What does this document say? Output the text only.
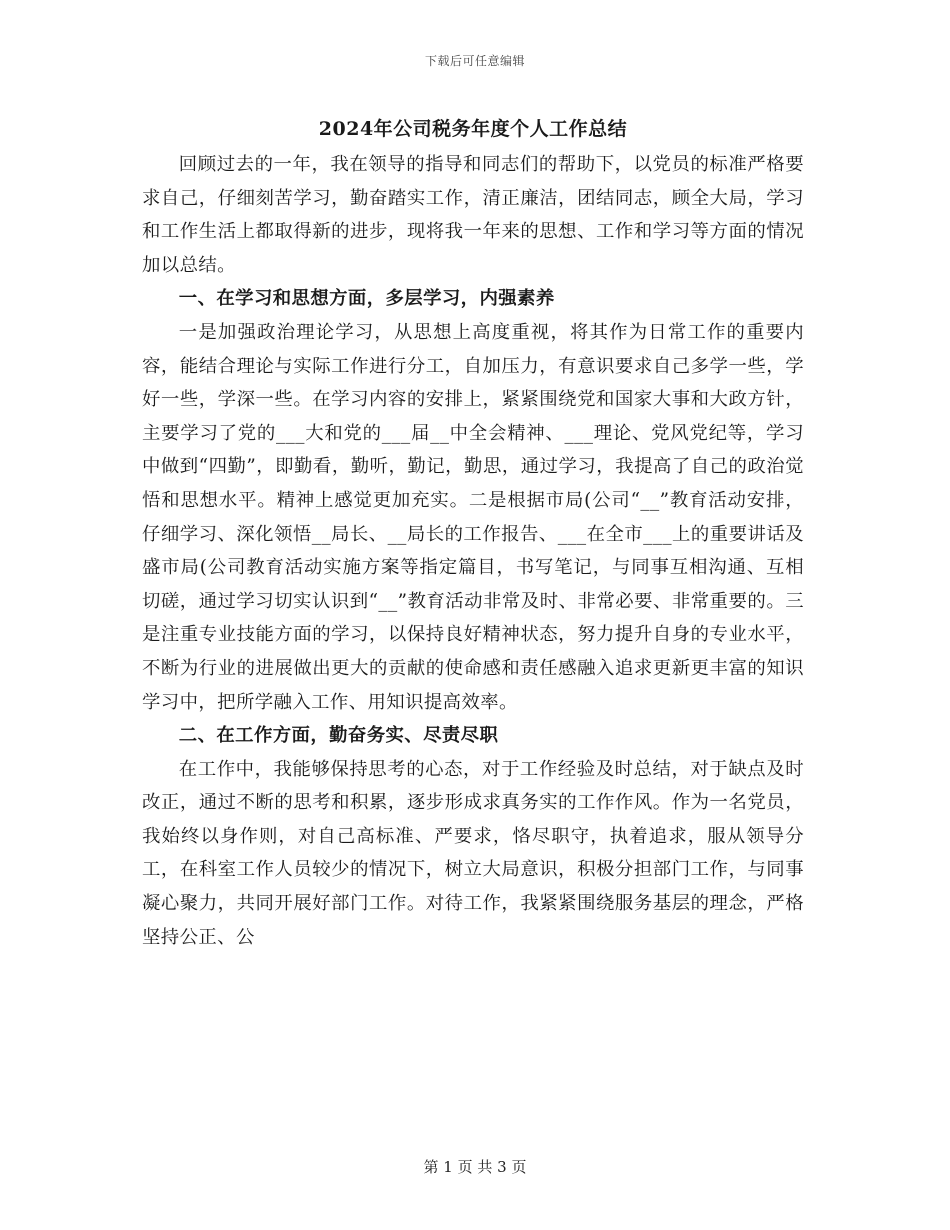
下载后可任意编辑
2024年公司税务年度个人工作总结

回顾过去的一年，我在领导的指导和同志们的帮助下，以党员的标准严格要求自己，仔细刻苦学习，勤奋踏实工作，清正廉洁，团结同志，顾全大局，学习和工作生活上都取得新的进步，现将我一年来的思想、工作和学习等方面的情况加以总结。

一、在学习和思想方面，多层学习，内强素养

一是加强政治理论学习，从思想上高度重视，将其作为日常工作的重要内容，能结合理论与实际工作进行分工，自加压力，有意识要求自己多学一些，学好一些，学深一些。在学习内容的安排上，紧紧围绕党和国家大事和大政方针，主要学习了党的___大和党的___届__中全会精神、___理论、党风党纪等，学习中做到“四勤”，即勤看，勤听，勤记，勤思，通过学习，我提高了自己的政治觉悟和思想水平。精神上感觉更加充实。二是根据市局(公司“__”教育活动安排，仔细学习、深化领悟__局长、__局长的工作报告、___在全市___上的重要讲话及盛市局(公司教育活动实施方案等指定篇目，书写笔记，与同事互相沟通、互相切磋，通过学习切实认识到“__”教育活动非常及时、非常必要、非常重要的。三是注重专业技能方面的学习，以保持良好精神状态，努力提升自身的专业水平，不断为行业的进展做出更大的贡献的使命感和责任感融入追求更新更丰富的知识学习中，把所学融入工作、用知识提高效率。

二、在工作方面，勤奋务实、尽责尽职

在工作中，我能够保持思考的心态，对于工作经验及时总结，对于缺点及时改正，通过不断的思考和积累，逐步形成求真务实的工作作风。作为一名党员，我始终以身作则，对自己高标准、严要求，恪尽职守，执着追求，服从领导分工，在科室工作人员较少的情况下，树立大局意识，积极分担部门工作，与同事凝心聚力，共同开展好部门工作。对待工作，我紧紧围绕服务基层的理念，严格坚持公正、公

第 1 页 共 3 页
